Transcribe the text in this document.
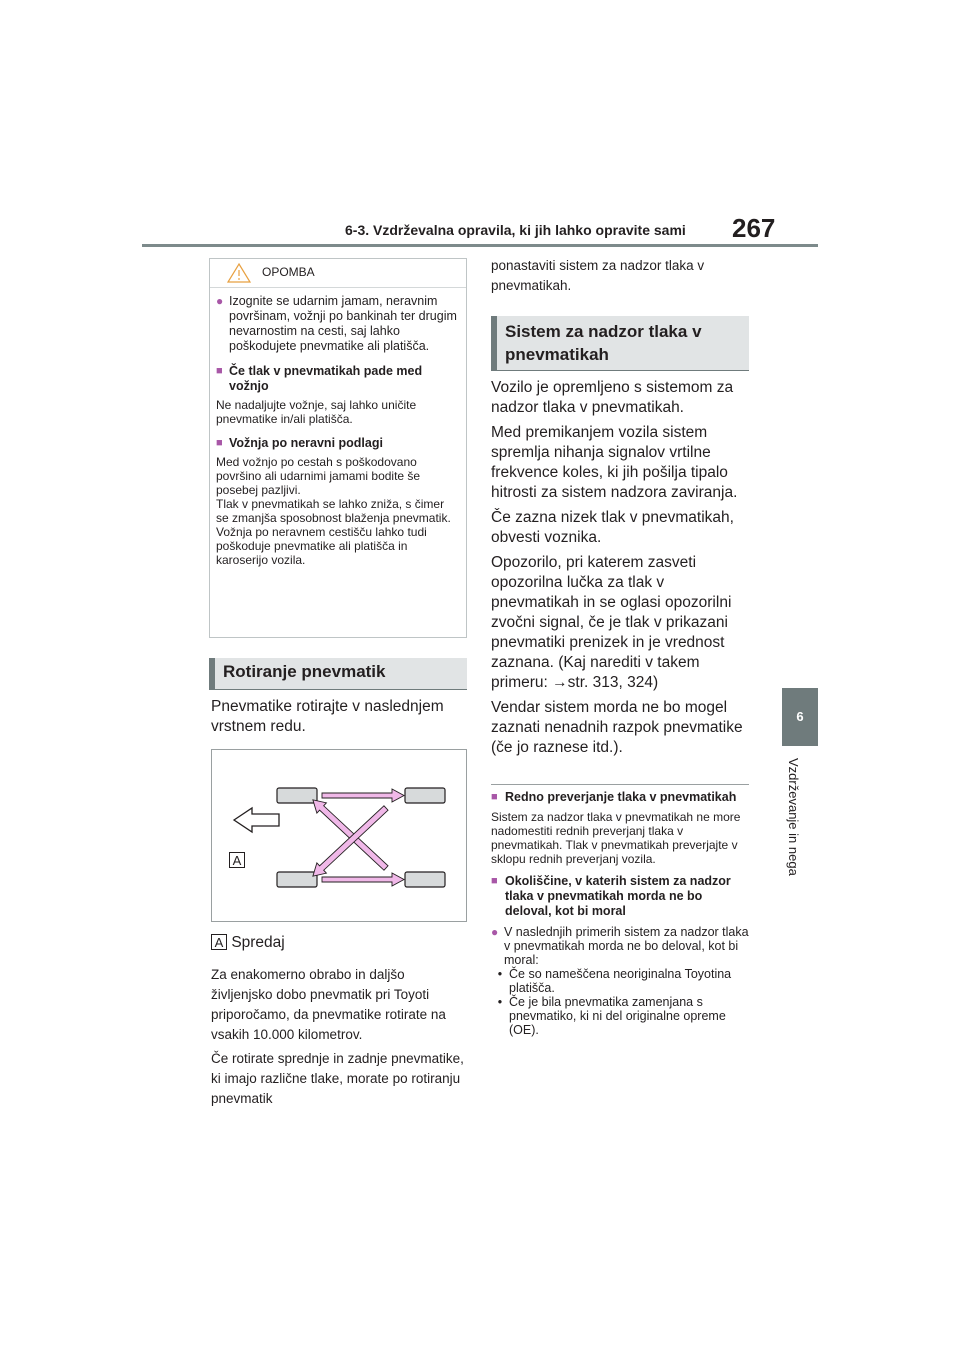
6-3. Vzdrževalna opravila, ki jih lahko opravite sami 267
6
Vzdrževanje in nega
OPOMBA
● Izognite se udarnim jamam, neravnim površinam, vožnji po bankinah ter drugim nevarnostim na cesti, saj lahko poškodujete pnevmatike ali platišča.
■ Če tlak v pnevmatikah pade med vožnjo
Ne nadaljujte vožnje, saj lahko uničite pnevmatike in/ali platišča.
■ Vožnja po neravni podlagi
Med vožnjo po cestah s poškodovano površino ali udarnimi jamami bodite še posebej pazljivi.
Tlak v pnevmatikah se lahko zniža, s čimer se zmanjša sposobnost blaženja pnevmatik. Vožnja po neravnem cestišču lahko tudi poškoduje pnevmatike ali platišča in karoserijo vozila.
Rotiranje pnevmatik
Pnevmatike rotirajte v naslednjem vrstnem redu.
A
A Spredaj
Za enakomerno obrabo in daljšo življenjsko dobo pnevmatik pri Toyoti priporočamo, da pnevmatike rotirate na vsakih 10.000 kilometrov.
Če rotirate sprednje in zadnje pnevmatike, ki imajo različne tlake, morate po rotiranju pnevmatik
ponastaviti sistem za nadzor tlaka v pnevmatikah.
Sistem za nadzor tlaka v pnevmatikah
Vozilo je opremljeno s sistemom za nadzor tlaka v pnevmatikah.
Med premikanjem vozila sistem spremlja nihanja signalov vrtilne frekvence koles, ki jih pošilja tipalo hitrosti za sistem nadzora zaviranja.
Če zazna nizek tlak v pnevmatikah, obvesti voznika.
Opozorilo, pri katerem zasveti opozorilna lučka za tlak v pnevmatikah in se oglasi opozorilni zvočni signal, če je tlak v prikazani pnevmatiki prenizek in je vrednost zaznana. (Kaj narediti v takem primeru: →str. 313, 324)
Vendar sistem morda ne bo mogel zaznati nenadnih razpok pnevmatike (če jo raznese itd.).
■ Redno preverjanje tlaka v pnevmatikah
Sistem za nadzor tlaka v pnevmatikah ne more nadomestiti rednih preverjanj tlaka v pnevmatikah. Tlak v pnevmatikah preverjajte v sklopu rednih preverjanj vozila.
■ Okoliščine, v katerih sistem za nadzor tlaka v pnevmatikah morda ne bo deloval, kot bi moral
● V naslednjih primerih sistem za nadzor tlaka v pnevmatikah morda ne bo deloval, kot bi moral:
• Če so nameščena neoriginalna Toyotina platišča.
• Če je bila pnevmatika zamenjana s pnevmatiko, ki ni del originalne opreme (OE).
